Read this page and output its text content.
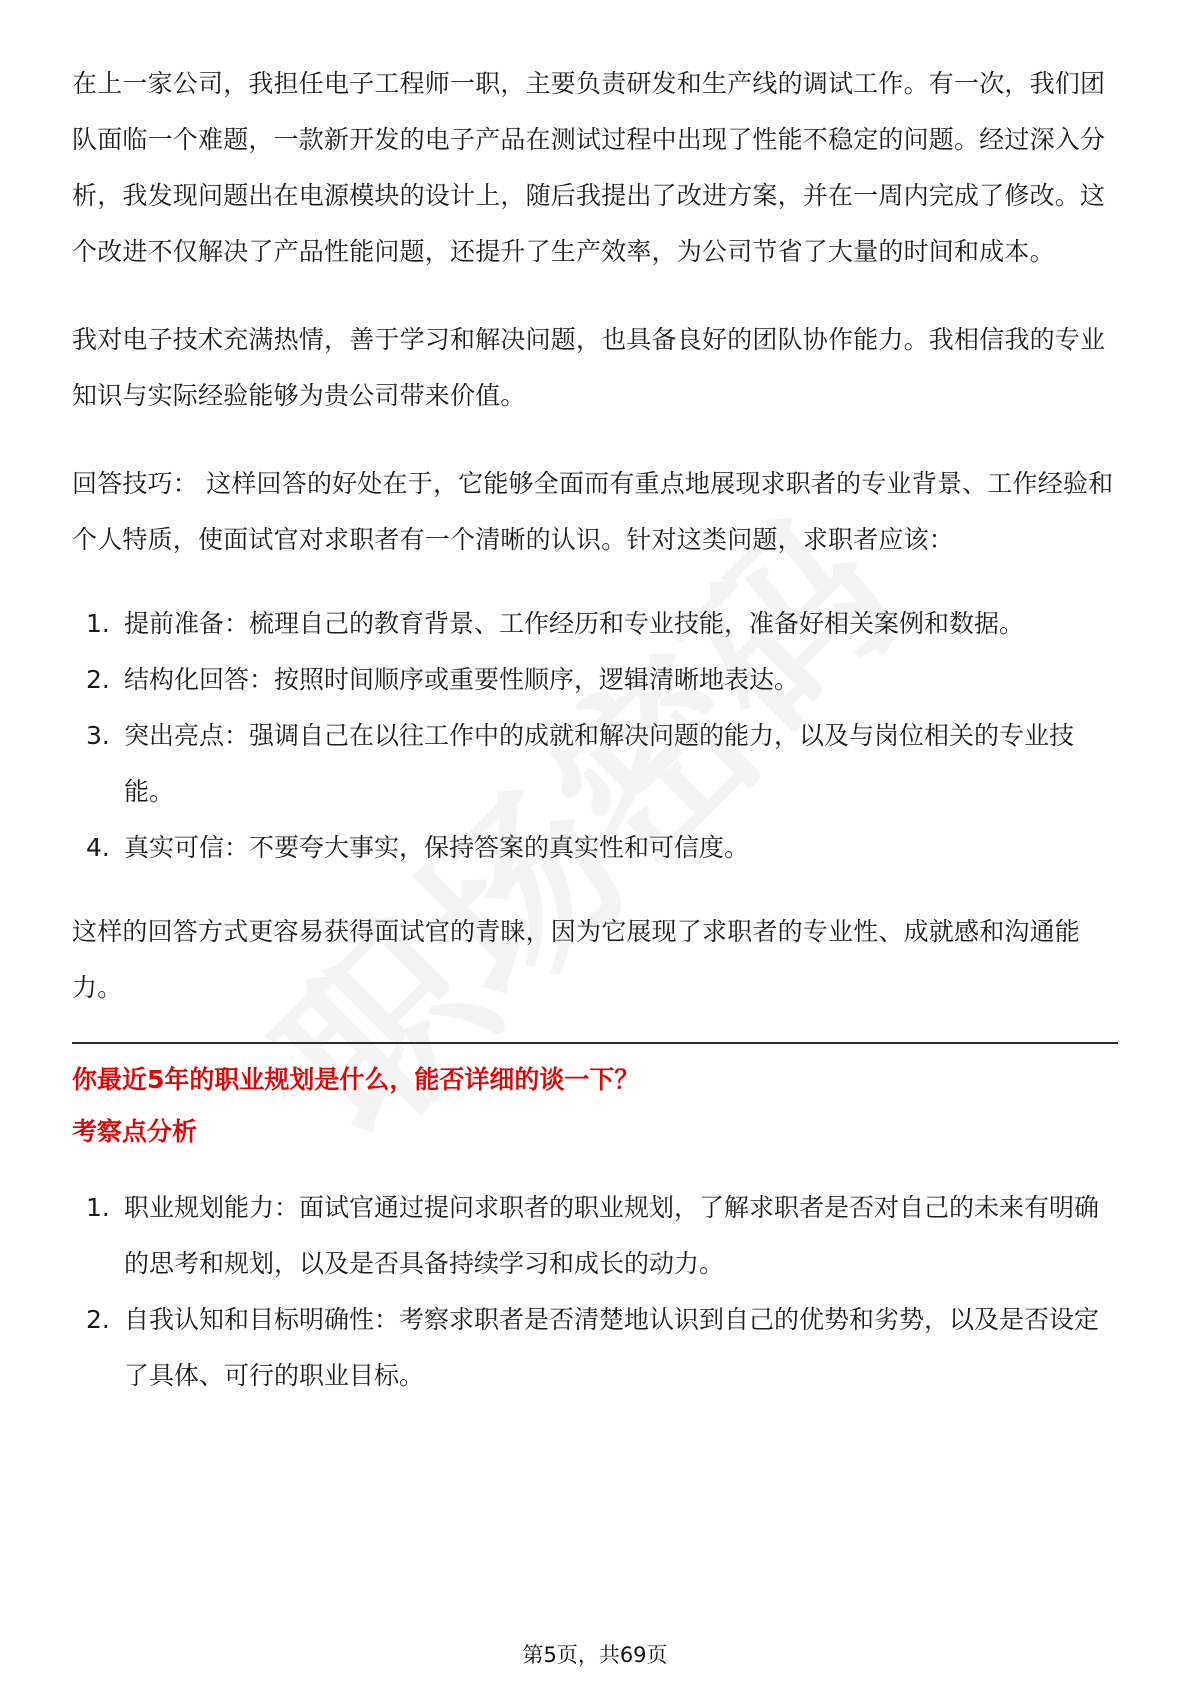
在上一家公司，我担任电子工程师一职，主要负责研发和生产线的调试工作。有一次，我们团队面临一个难题，一款新开发的电子产品在测试过程中出现了性能不稳定的问题。经过深入分析，我发现问题出在电源模块的设计上，随后我提出了改进方案，并在一周内完成了修改。这个改进不仅解决了产品性能问题，还提升了生产效率，为公司节省了大量的时间和成本。

我对电子技术充满热情，善于学习和解决问题，也具备良好的团队协作能力。我相信我的专业知识与实际经验能够为贵公司带来价值。

回答技巧： 这样回答的好处在于，它能够全面而有重点地展现求职者的专业背景、工作经验和个人特质，使面试官对求职者有一个清晰的认识。针对这类问题，求职者应该：

1. 提前准备：梳理自己的教育背景、工作经历和专业技能，准备好相关案例和数据。
2. 结构化回答：按照时间顺序或重要性顺序，逻辑清晰地表达。
3. 突出亮点：强调自己在以往工作中的成就和解决问题的能力，以及与岗位相关的专业技能。
4. 真实可信：不要夸大事实，保持答案的真实性和可信度。

这样的回答方式更容易获得面试官的青睐，因为它展现了求职者的专业性、成就感和沟通能力。

你最近5年的职业规划是什么，能否详细的谈一下？

考察点分析

1. 职业规划能力：面试官通过提问求职者的职业规划，了解求职者是否对自己的未来有明确的思考和规划，以及是否具备持续学习和成长的动力。
2. 自我认知和目标明确性：考察求职者是否清楚地认识到自己的优势和劣势，以及是否设定了具体、可行的职业目标。
第5页，共69页
